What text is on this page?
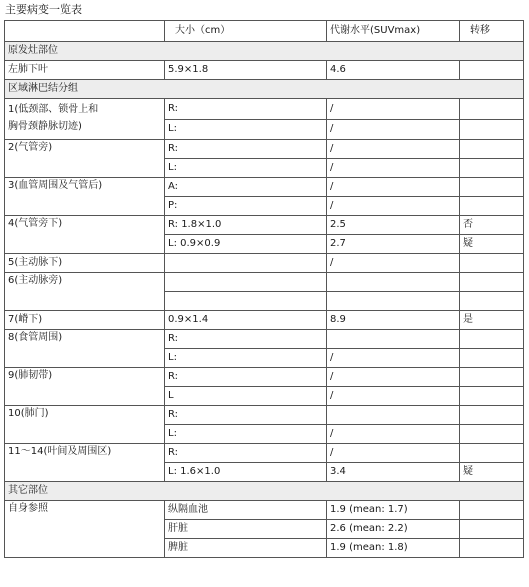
主要病变一览表
	大小（cm）	代谢水平(SUVmax)	转移
原发灶部位			
左肺下叶	5.9×1.8	4.6	
区域淋巴结分组			
1(低颈部、锁骨上和
胸骨颈静脉切迹)	R:	/	
	L:	/	
2(气管旁)	R:	/	
	L:	/	
3(血管周围及气管后)	A:	/	
	P:	/	
4(气管旁下)	R: 1.8×1.0	2.5	否
	L: 0.9×0.9	2.7	疑
5(主动脉下)		/	
6(主动脉旁)			

7(嵴下)	0.9×1.4	8.9	是
8(食管周围)	R:		
	L:	/	
9(肺韧带)	R:	/	
	L	/	
10(肺门)	R:		
	L:	/	
11～14(叶间及周围区)	R:	/	
	L: 1.6×1.0	3.4	疑
其它部位			
自身参照	纵隔血池	1.9 (mean: 1.7)	
	肝脏	2.6 (mean: 2.2)	
	脾脏	1.9 (mean: 1.8)	
